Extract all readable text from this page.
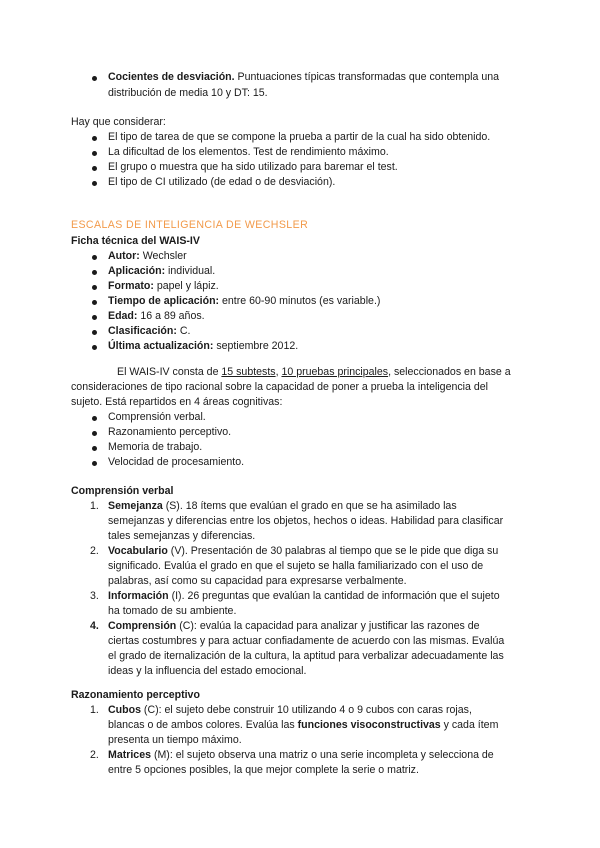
Cocientes de desviación. Puntuaciones típicas transformadas que contempla una
distribución de media 10 y DT: 15.
Hay que considerar:
El tipo de tarea de que se compone la prueba a partir de la cual ha sido obtenido.
La dificultad de los elementos. Test de rendimiento máximo.
El grupo o muestra que ha sido utilizado para baremar el test.
El tipo de CI utilizado (de edad o de desviación).
ESCALAS DE INTELIGENCIA DE WECHSLER
Ficha técnica del WAIS-IV
Autor: Wechsler
Aplicación: individual.
Formato: papel y lápiz.
Tiempo de aplicación: entre 60-90 minutos (es variable.)
Edad: 16 a 89 años.
Clasificación: C.
Última actualización: septiembre 2012.
El WAIS-IV consta de 15 subtests, 10 pruebas principales, seleccionados en base a
consideraciones de tipo racional sobre la capacidad de poner a prueba la inteligencia del
sujeto. Está repartidos en 4 áreas cognitivas:
Comprensión verbal.
Razonamiento perceptivo.
Memoria de trabajo.
Velocidad de procesamiento.
Comprensión verbal
1. Semejanza (S). 18 ítems que evalúan el grado en que se ha asimilado las
semejanzas y diferencias entre los objetos, hechos o ideas. Habilidad para clasificar
tales semejanzas y diferencias.
2. Vocabulario (V). Presentación de 30 palabras al tiempo que se le pide que diga su
significado. Evalúa el grado en que el sujeto se halla familiarizado con el uso de
palabras, así como su capacidad para expresarse verbalmente.
3. Información (I). 26 preguntas que evalúan la cantidad de información que el sujeto
ha tomado de su ambiente.
4. Comprensión (C): evalúa la capacidad para analizar y justificar las razones de
ciertas costumbres y para actuar confiadamente de acuerdo con las mismas. Evalúa
el grado de iternalización de la cultura, la aptitud para verbalizar adecuadamente las
ideas y la influencia del estado emocional.
Razonamiento perceptivo
1. Cubos (C): el sujeto debe construir 10 utilizando 4 o 9 cubos con caras rojas,
blancas o de ambos colores. Evalúa las funciones visoconstructivas y cada ítem
presenta un tiempo máximo.
2. Matrices (M): el sujeto observa una matriz o una serie incompleta y selecciona de
entre 5 opciones posibles, la que mejor complete la serie o matriz.
